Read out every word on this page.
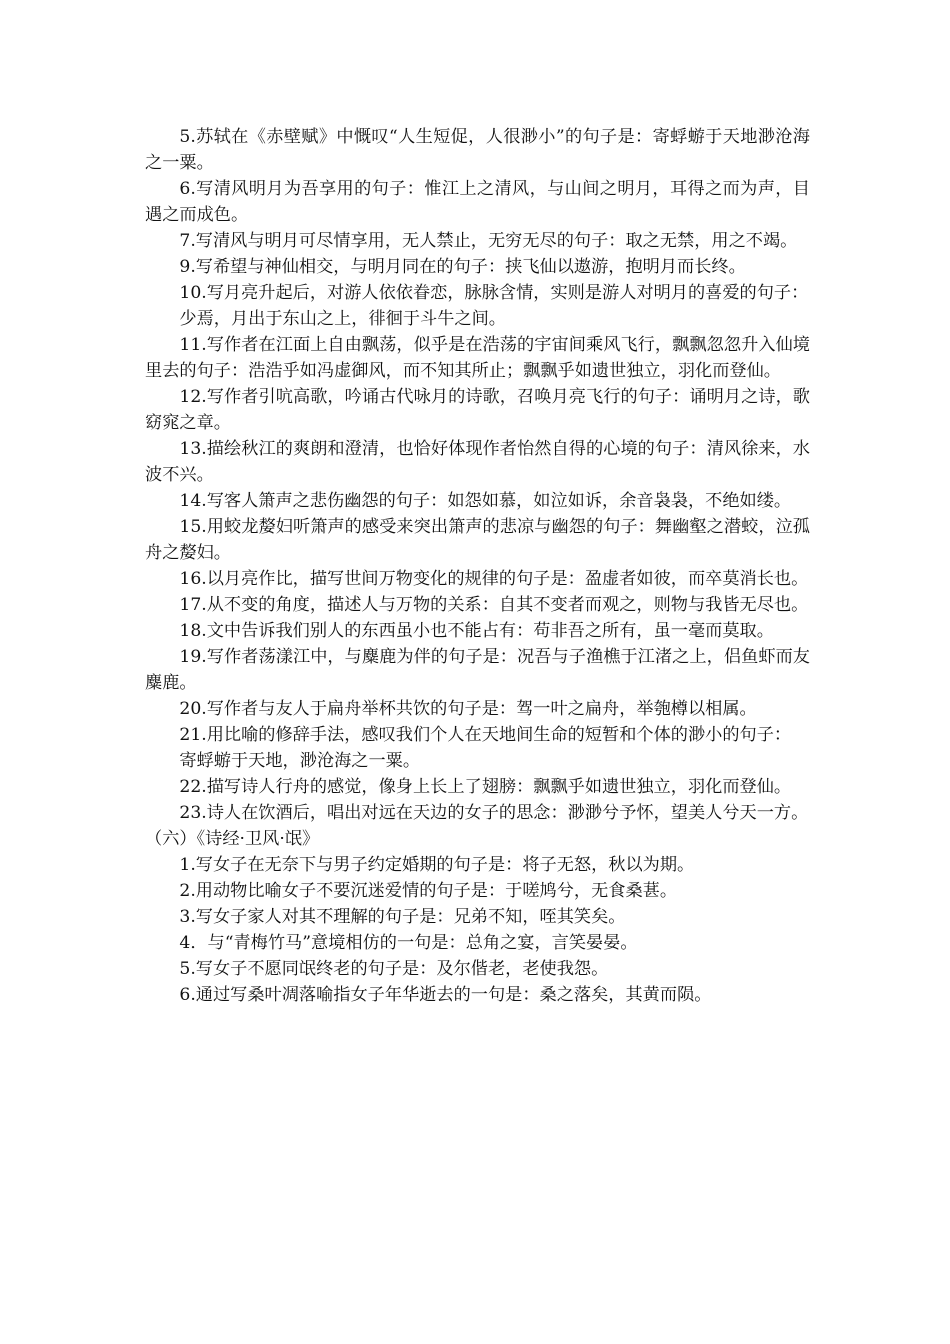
5.苏轼在《赤壁赋》中慨叹“人生短促，人很渺小”的句子是：寄蜉蝣于天地渺沧海之一粟。

6.写清风明月为吾享用的句子：惟江上之清风，与山间之明月，耳得之而为声，目遇之而成色。

7.写清风与明月可尽情享用，无人禁止，无穷无尽的句子：取之无禁，用之不竭。

9.写希望与神仙相交，与明月同在的句子：挟飞仙以遨游，抱明月而长终。

10.写月亮升起后，对游人依依眷恋，脉脉含情，实则是游人对明月的喜爱的句子：

少焉，月出于东山之上，徘徊于斗牛之间。

11.写作者在江面上自由飘荡，似乎是在浩荡的宇宙间乘风飞行，飘飘忽忽升入仙境里去的句子：浩浩乎如冯虚御风，而不知其所止；飘飘乎如遗世独立，羽化而登仙。

12.写作者引吭高歌，吟诵古代咏月的诗歌，召唤月亮飞行的句子：诵明月之诗，歌窈窕之章。

13.描绘秋江的爽朗和澄清，也恰好体现作者怡然自得的心境的句子：清风徐来，水波不兴。

14.写客人箫声之悲伤幽怨的句子：如怨如慕，如泣如诉，余音袅袅，不绝如缕。

15.用蛟龙嫠妇听箫声的感受来突出箫声的悲凉与幽怨的句子：舞幽壑之潜蛟，泣孤舟之嫠妇。

16.以月亮作比，描写世间万物变化的规律的句子是：盈虚者如彼，而卒莫消长也。

17.从不变的角度，描述人与万物的关系：自其不变者而观之，则物与我皆无尽也。

18.文中告诉我们别人的东西虽小也不能占有：苟非吾之所有，虽一毫而莫取。

19.写作者荡漾江中，与麋鹿为伴的句子是：况吾与子渔樵于江渚之上，侣鱼虾而友麋鹿。

20.写作者与友人于扁舟举杯共饮的句子是：驾一叶之扁舟，举匏樽以相属。

21.用比喻的修辞手法，感叹我们个人在天地间生命的短暂和个体的渺小的句子：

寄蜉蝣于天地，渺沧海之一粟。

22.描写诗人行舟的感觉，像身上长上了翅膀：飘飘乎如遗世独立，羽化而登仙。

23.诗人在饮酒后，唱出对远在天边的女子的思念：渺渺兮予怀，望美人兮天一方。

（六）《诗经·卫风·氓》

1.写女子在无奈下与男子约定婚期的句子是：将子无怒，秋以为期。

2.用动物比喻女子不要沉迷爱情的句子是：于嗟鸠兮，无食桑葚。

3.写女子家人对其不理解的句子是：兄弟不知，咥其笑矣。

4．与“青梅竹马”意境相仿的一句是：总角之宴，言笑晏晏。

5.写女子不愿同氓终老的句子是：及尔偕老，老使我怨。

6.通过写桑叶凋落喻指女子年华逝去的一句是：桑之落矣，其黄而陨。
